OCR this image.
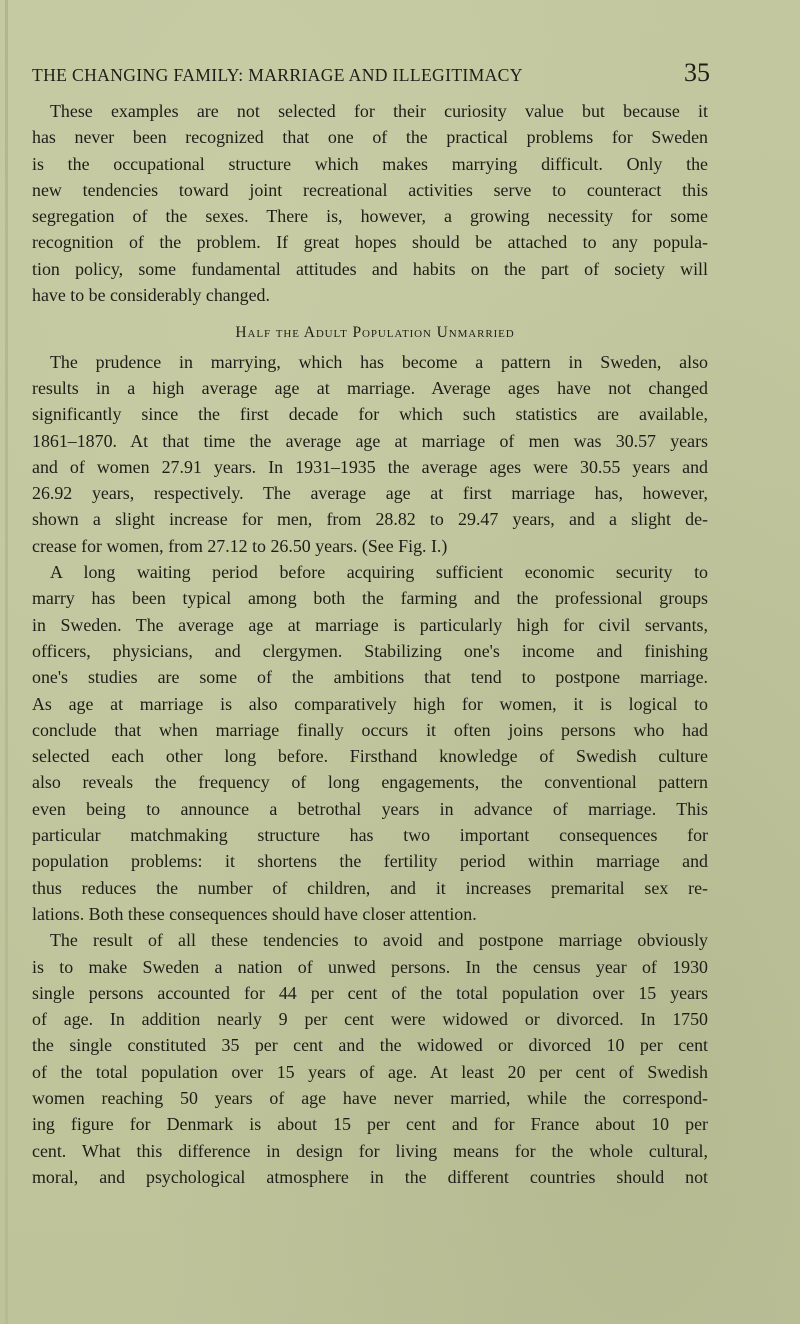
THE CHANGING FAMILY: MARRIAGE AND ILLEGITIMACY	35
These examples are not selected for their curiosity value but because it
has never been recognized that one of the practical problems for Sweden
is the occupational structure which makes marrying difficult. Only the
new tendencies toward joint recreational activities serve to counteract this
segregation of the sexes. There is, however, a growing necessity for some
recognition of the problem. If great hopes should be attached to any popula-
tion policy, some fundamental attitudes and habits on the part of society will
have to be considerably changed.
Half the Adult Population Unmarried
The prudence in marrying, which has become a pattern in Sweden, also
results in a high average age at marriage. Average ages have not changed
significantly since the first decade for which such statistics are available,
1861–1870. At that time the average age at marriage of men was 30.57 years
and of women 27.91 years. In 1931–1935 the average ages were 30.55 years and
26.92 years, respectively. The average age at first marriage has, however,
shown a slight increase for men, from 28.82 to 29.47 years, and a slight de-
crease for women, from 27.12 to 26.50 years. (See Fig. I.)
A long waiting period before acquiring sufficient economic security to
marry has been typical among both the farming and the professional groups
in Sweden. The average age at marriage is particularly high for civil servants,
officers, physicians, and clergymen. Stabilizing one's income and finishing
one's studies are some of the ambitions that tend to postpone marriage.
As age at marriage is also comparatively high for women, it is logical to
conclude that when marriage finally occurs it often joins persons who had
selected each other long before. Firsthand knowledge of Swedish culture
also reveals the frequency of long engagements, the conventional pattern
even being to announce a betrothal years in advance of marriage. This
particular matchmaking structure has two important consequences for
population problems: it shortens the fertility period within marriage and
thus reduces the number of children, and it increases premarital sex re-
lations. Both these consequences should have closer attention.
The result of all these tendencies to avoid and postpone marriage obviously
is to make Sweden a nation of unwed persons. In the census year of 1930
single persons accounted for 44 per cent of the total population over 15 years
of age. In addition nearly 9 per cent were widowed or divorced. In 1750
the single constituted 35 per cent and the widowed or divorced 10 per cent
of the total population over 15 years of age. At least 20 per cent of Swedish
women reaching 50 years of age have never married, while the correspond-
ing figure for Denmark is about 15 per cent and for France about 10 per
cent. What this difference in design for living means for the whole cultural,
moral, and psychological atmosphere in the different countries should not
